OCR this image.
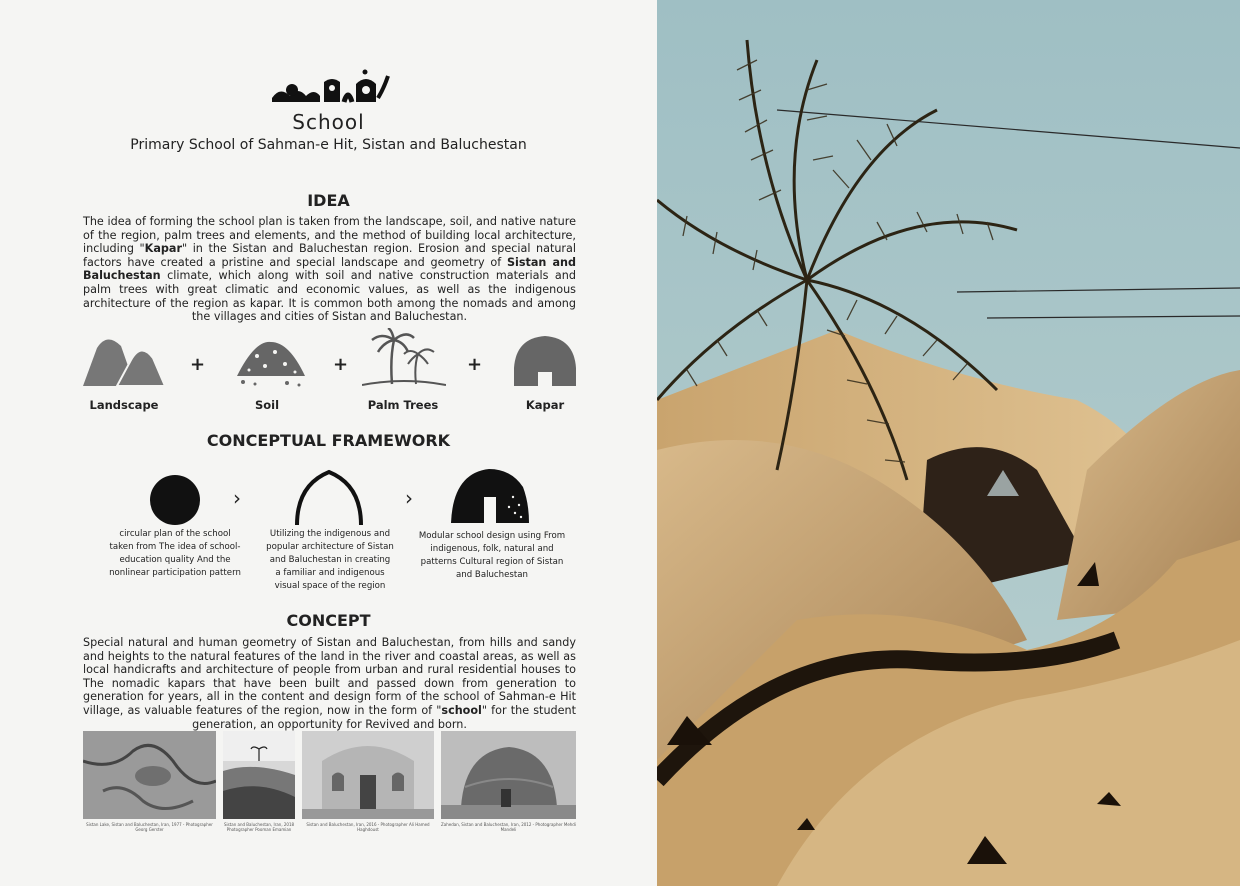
School
Primary School of Sahman-e Hit, Sistan and Baluchestan
IDEA
The idea of forming the school plan is taken from the landscape, soil, and native nature of the region, palm trees and elements, and the method of building local architecture, including "Kapar" in the Sistan and Baluchestan region. Erosion and special natural factors have created a pristine and special landscape and geometry of Sistan and Baluchestan climate, which along with soil and native construction materials and palm trees with great climatic and economic values, as well as the indigenous architecture of the region as kapar. It is common both among the nomads and among the villages and cities of Sistan and Baluchestan.
+	+	+
Landscape	Soil	Palm Trees	Kapar
CONCEPTUAL FRAMEWORK
›	›
circular plan of the school taken from The idea of school-education quality And the nonlinear participation pattern
Utilizing the indigenous and popular architecture of Sistan and Baluchestan in creating a familiar and indigenous visual space of the region
Modular school design using From indigenous, folk, natural and patterns Cultural region of Sistan and Baluchestan
CONCEPT
Special natural and human geometry of Sistan and Baluchestan, from hills and sandy and heights to the natural features of the land in the river and coastal areas, as well as local handicrafts and architecture of people from urban and rural residential houses to The nomadic kapars that have been built and passed down from generation to generation for years, all in the content and design form of the school of Sahman-e Hit village, as valuable features of the region, now in the form of "school" for the student generation, an opportunity for Revived and born.
Sistan Lake, Sistan and Baluchestan, Iran, 1977 - Photographer Georg Gerster
Sistan and Baluchestan, Iran, 2018 Photographer Pooman Emamian
Sistan and Baluchestan, Iran, 2016 - Photographer Ali Hamed Haghdoust
Zahedan, Sistan and Baluchestan, Iran, 2012 - Photographer Mehdi Mandeli
